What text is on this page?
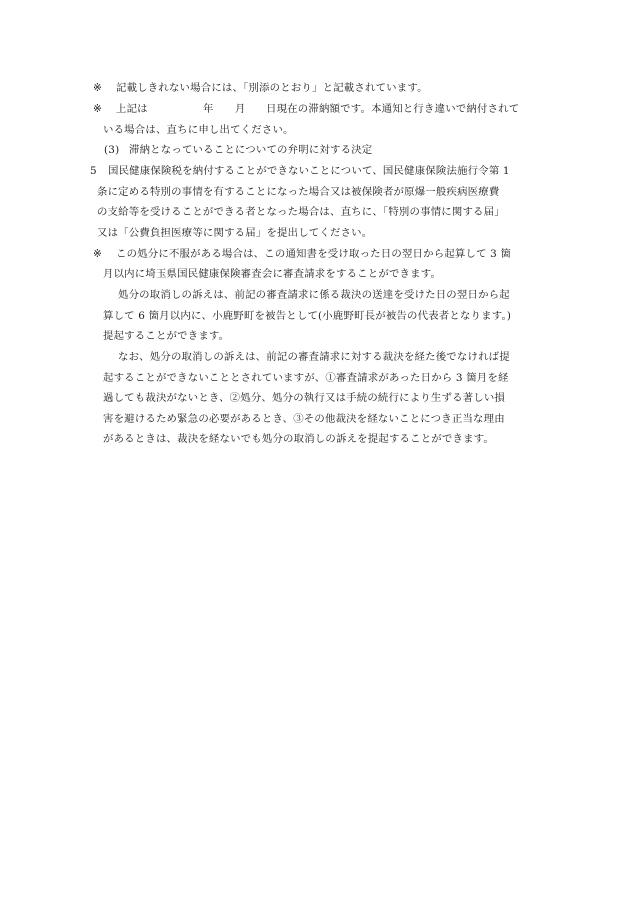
※ 記載しきれない場合には、「別添のとおり」と記載されています。
※ 上記は	年 月 日現在の滞納額です。本通知と行き違いで納付されて
いる場合は、直ちに申し出てください。
(3) 滞納となっていることについての弁明に対する決定
5 国民健康保険税を納付することができないことについて、国民健康保険法施行令第 1
条に定める特別の事情を有することになった場合又は被保険者が原爆一般疾病医療費
の支給等を受けることができる者となった場合は、直ちに、「特別の事情に関する届」
又は「公費負担医療等に関する届」を提出してください。
※ この処分に不服がある場合は、この通知書を受け取った日の翌日から起算して 3 箇
月以内に埼玉県国民健康保険審査会に審査請求をすることができます。
処分の取消しの訴えは、前記の審査請求に係る裁決の送達を受けた日の翌日から起
算して 6 箇月以内に、小鹿野町を被告として(小鹿野町長が被告の代表者となります。)
提起することができます。
なお、処分の取消しの訴えは、前記の審査請求に対する裁決を経た後でなければ提
起することができないこととされていますが、①審査請求があった日から 3 箇月を経
過しても裁決がないとき、②処分、処分の執行又は手続の続行により生ずる著しい損
害を避けるため緊急の必要があるとき、③その他裁決を経ないことにつき正当な理由
があるときは、裁決を経ないでも処分の取消しの訴えを提起することができます。
